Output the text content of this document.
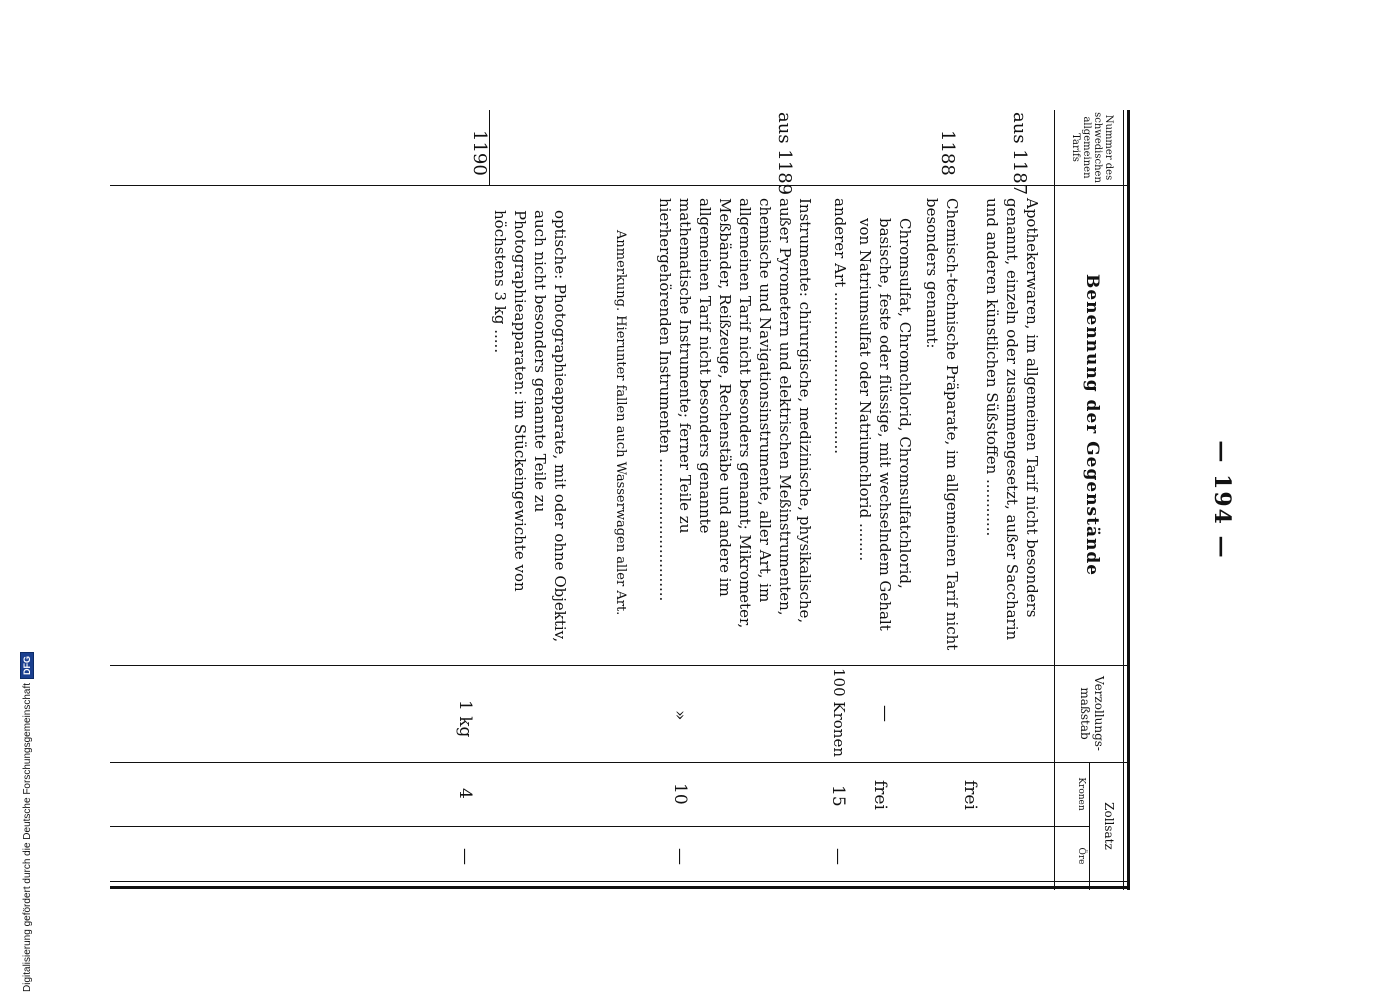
Nummer des schwedischen allgemeinen Tarifs
Benennung der Gegenstände
Verzollungs-maßstab
Zollsatz
Kronen
Öre
aus 1187
Apothekerwaren, im allgemeinen Tarif nicht besonders genannt, einzeln oder zusammengesetzt, außer Saccharin und anderen künstlichen Süßstoffen ............
frei
1188
Chemisch-technische Präparate, im allgemeinen Tarif nicht besonders genannt:
Chromsulfat, Chromchlorid, Chromsulfatchlorid, basische, feste oder flüssige, mit wechselndem Gehalt von Natriumsulfat oder Natriumchlorid ........
—
frei
anderer Art ..................................
100 Kronen
15
—
aus 1189
Instrumente: chirurgische, medizinische, physikalische, außer Pyrometern und elektrischen Meßinstrumenten, chemische und Navigationsinstrumente, aller Art, im allgemeinen Tarif nicht besonders genannt; Mikrometer, Meßbänder, Reißzeuge, Rechenstäbe und andere im allgemeinen Tarif nicht besonders genannte mathematische Instrumente; ferner Teile zu hierhergehörenden Instrumenten ..............................
»
10
—
Anmerkung. Hierunter fallen auch Wasserwagen aller Art.
1190
optische: Photographieapparate, mit oder ohne Objektiv, auch nicht besonders genannte Teile zu Photographieapparaten: im Stückeingewichte von höchstens 3 kg .....
1 kg
4
—
— 194 —
Digitalisierung gefördert durch die Deutsche Forschungsgemeinschaft
DFG
